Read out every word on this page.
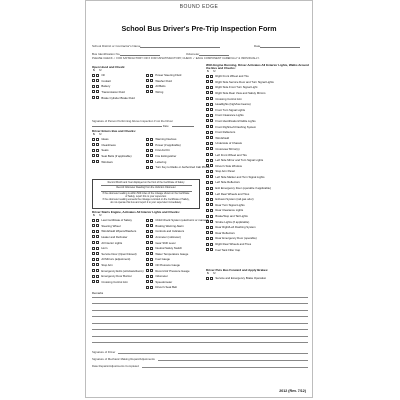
BOUND EDGE
School Bus Driver's Pre-Trip Inspection Form
School District or Contractor's Name
Bus Identification No.	Odometer
Date
PLEASE CHECK ✓ FOR SATISFACTORY OR X FOR UNSATISFACTORY, CHECK ✓ EACH COMPONENT CAREFULLY & INDIVIDUALLY.
Open Hood and Check:
S U
Oil
Coolant
Battery
Transmission Fluid
Brake Cylinder Brake Fluid
Power Steering Fluid
Washer Fluid
All Belts
Wiring
Signature of Person Performing Above Inspection if not the Driver
Date
Driver Enters Bus and Checks:
S U
Glass
Cleanliness
Seats
Seat Belts (if applicable)
Windows
Warning Devices
Power (if applicable)
First Aid Kit
Fire Extinguisher
Lettering
Turn Key to Radio or Authorized Cab Phone
Record Month and Year displayed on the front of the Certificate of Safety
Record Odometer Reading from the Vehicle's Odometer
If the odometer reading is within 500 miles of the mileage shown on the Certificate
of Safety, report this to your supervisor.
If the odometer reading exceeds the mileage recorded on the Certificate of Safety,
do not operate this bus and report it to your supervisor immediately.
Driver Starts Engine, Activates All Interior Lights and Checks:
S U
Last Certificate of Safety
Steering Wheel
Windshield Wipers/Washers
Heater and Defroster
All Interior Lights
Horn
Service Door (Open/Closed)
All Mirrors (adjustment)
Stop Arm
Emergency Exits (windows/doors)
Emergency Door Buzzer
Crossing Control Arm
Child Check System (electronic or manual)
Braking Warning Alarm
Controls and Indicators
Ammeter (voltmeter)
Gear Shift Lever
Neutral Safety Switch
Water Temperature Gauge
Fuel Gauge
Oil Pressure Gauge
Record Air Pressure Gauge
Odometer
Speedometer
Driver's Seat Belt
With Engine Running, Driver Activates All Exterior Lights, Walks Around the Bus and Checks:
S U
Right Front Wheel and Tire
Right Side Service Door and Turn Signal Lights
Right Side Front Turn Signal Light
Right Side Rear View and Safety Mirrors
Crossing Control Arm
Headlights (high/low beams)
Front Turn Signal Lights
Front Clearance Lights
Front Identification/Visible Lights
Front Right/Left Flashing System
Front Reflectors
Windshield
Underside of Chassis
Crossview Mirror(s)
Left Front Wheel and Tire
Left Side Mirror and Turn Signal Lights
Driver's Side Window
Stop Arm Panel
Left Side Marker and Turn Signal Lights
Left Side Reflectors
Exit Emergency Door (operable if applicable)
Left Rear Wheels and Tires
Exhaust System (rail gas odor)
Rear Turn Signal Lights
Rear Clearance Lights
Brake/Stop and Tail Lights
Strobe Lights (if applicable)
Rear Right/Left Flashing System
Rear Reflectors
Rear Emergency Door (operable)
Right Rear Wheels and Tires
Fuel Tank Filler Cap
Driver Puts Bus Forward and Apply Brakes:
S U
Service and Emergency Brake Operation
Remarks
Signature of Driver
Signature of Mechanic Making Repair/Adjustments
Date Repairs/Adjustments Completed
2012 (Rev. 7/12)
